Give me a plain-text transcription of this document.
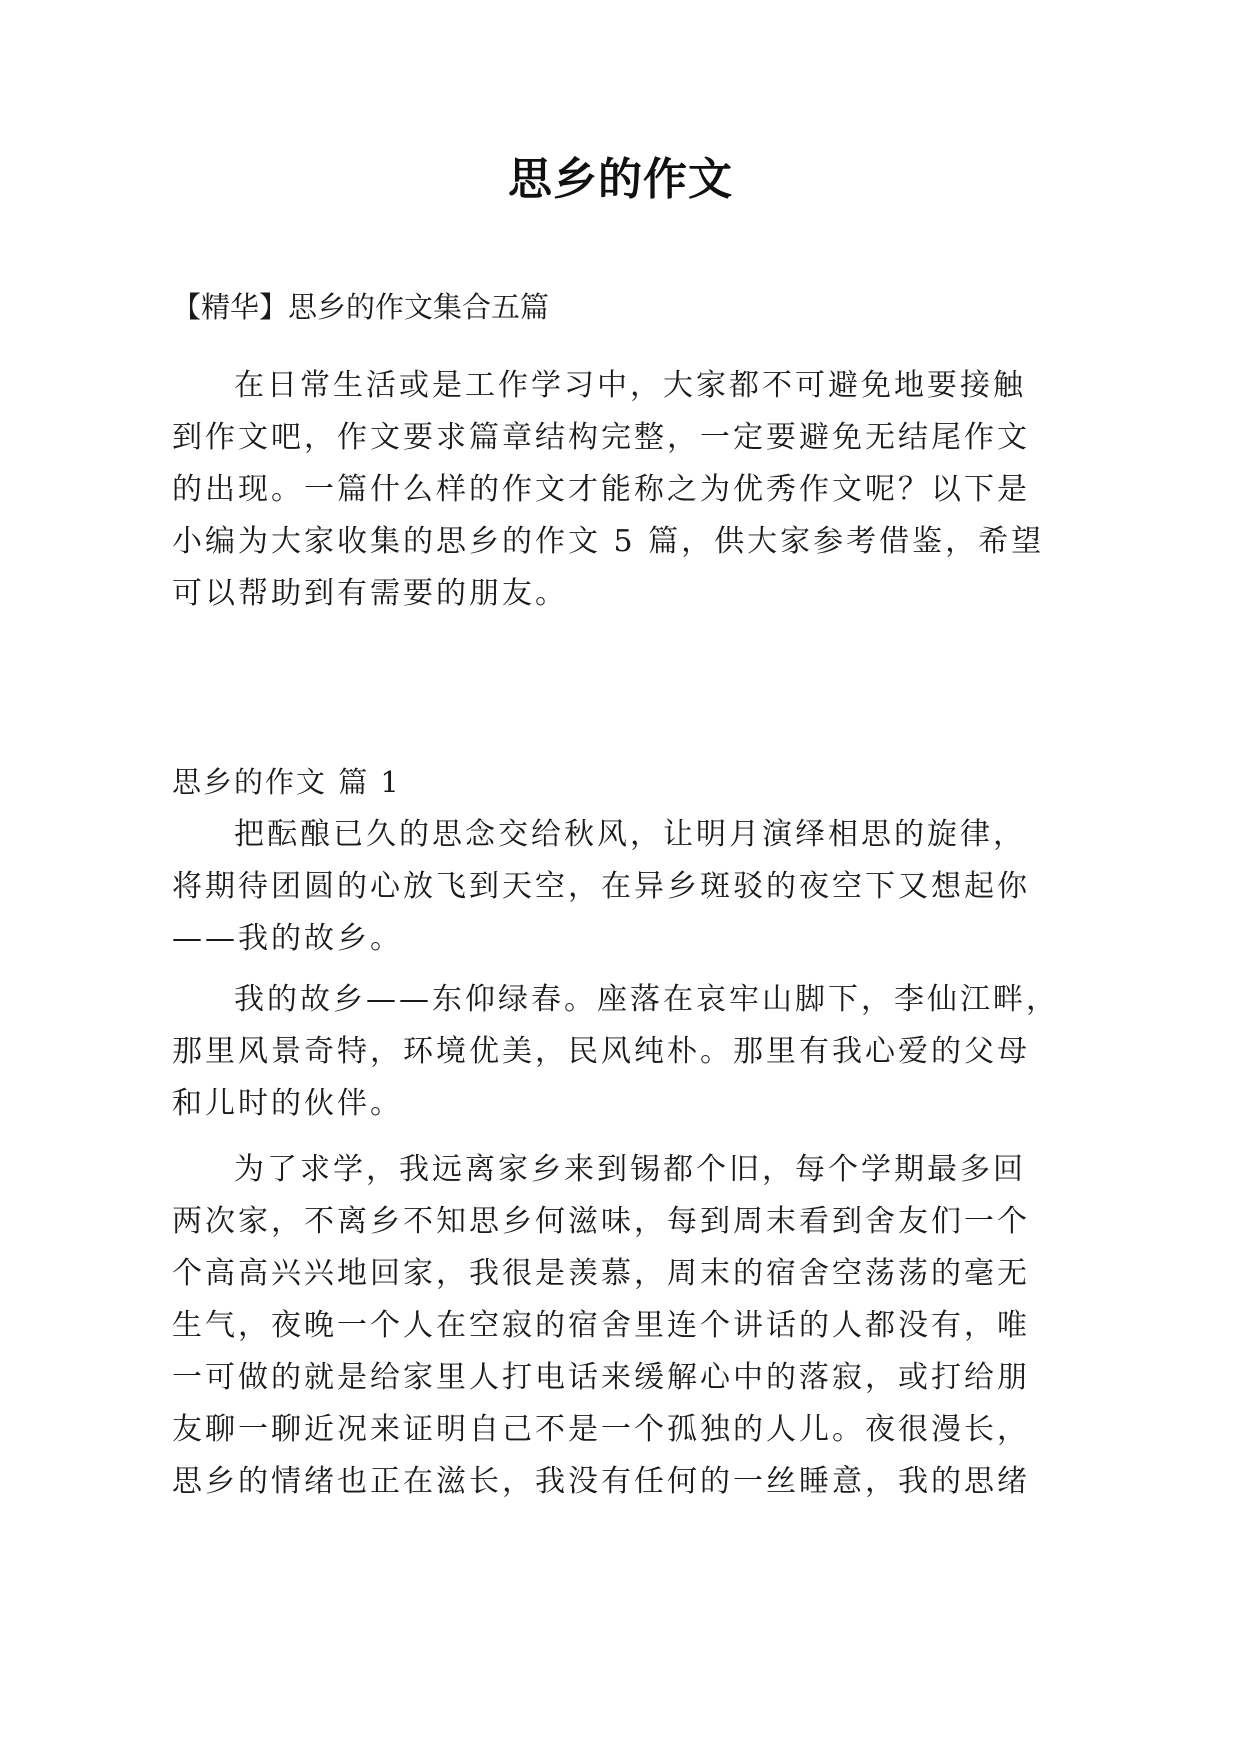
思乡的作文
【精华】思乡的作文集合五篇
在日常生活或是工作学习中，大家都不可避免地要接触
到作文吧，作文要求篇章结构完整，一定要避免无结尾作文
的出现。一篇什么样的作文才能称之为优秀作文呢？以下是
小编为大家收集的思乡的作文 5 篇，供大家参考借鉴，希望
可以帮助到有需要的朋友。
思乡的作文 篇 1
把酝酿已久的思念交给秋风，让明月演绎相思的旋律，
将期待团圆的心放飞到天空，在异乡斑驳的夜空下又想起你
——我的故乡。
我的故乡——东仰绿春。座落在哀牢山脚下，李仙江畔，
那里风景奇特，环境优美，民风纯朴。那里有我心爱的父母
和儿时的伙伴。
为了求学，我远离家乡来到锡都个旧，每个学期最多回
两次家，不离乡不知思乡何滋味，每到周末看到舍友们一个
个高高兴兴地回家，我很是羡慕，周末的宿舍空荡荡的毫无
生气，夜晚一个人在空寂的宿舍里连个讲话的人都没有，唯
一可做的就是给家里人打电话来缓解心中的落寂，或打给朋
友聊一聊近况来证明自己不是一个孤独的人儿。夜很漫长，
思乡的情绪也正在滋长，我没有任何的一丝睡意，我的思绪
